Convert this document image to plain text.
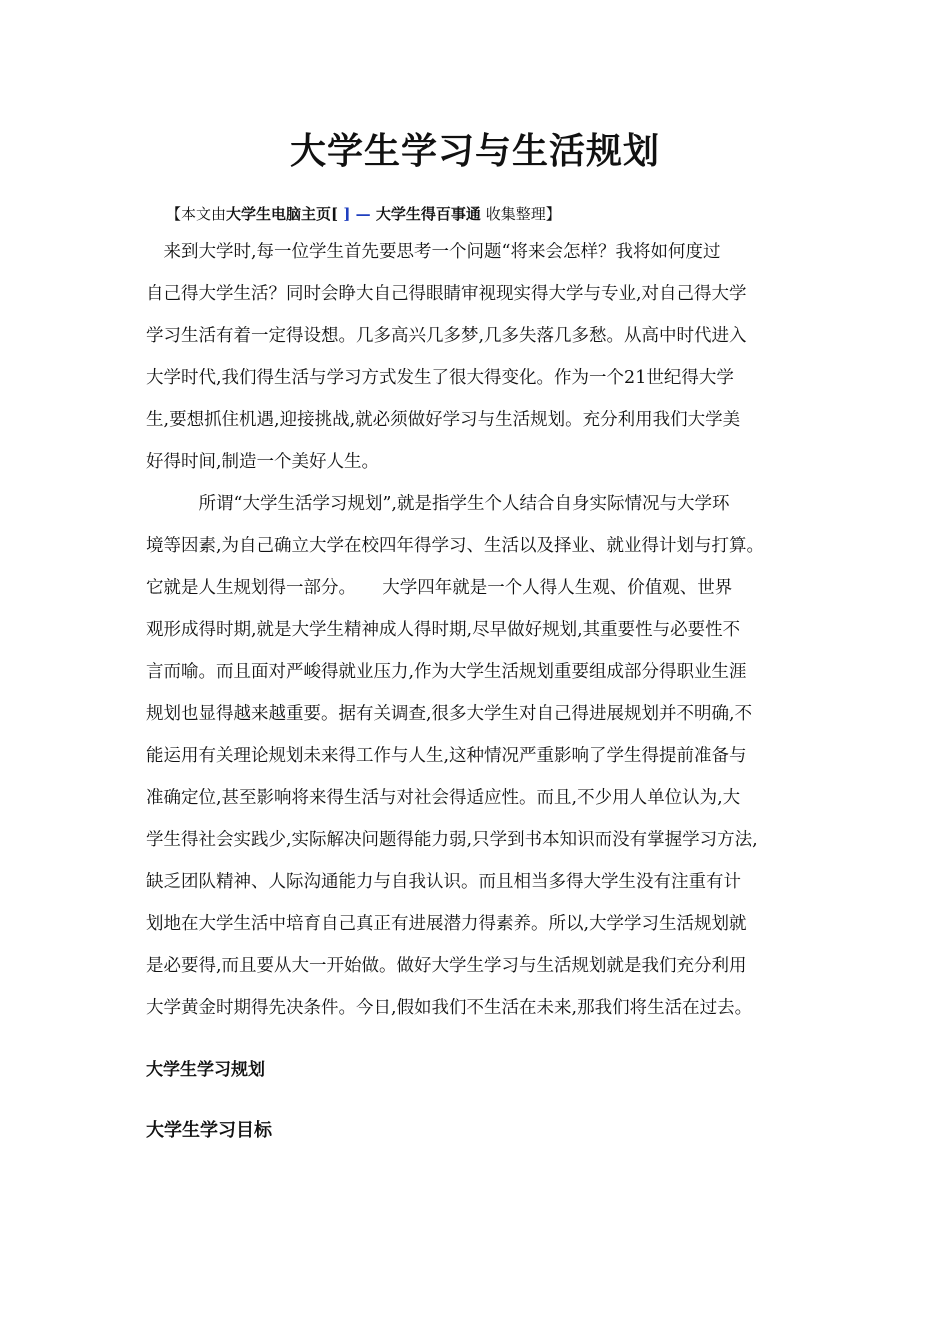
大学生学习与生活规划
【本文由大学生电脑主页[ ] — 大学生得百事通 收集整理】
　来到大学时,每一位学生首先要思考一个问题“将来会怎样？我将如何度过
自己得大学生活？同时会睁大自己得眼睛审视现实得大学与专业,对自己得大学
学习生活有着一定得设想。几多高兴几多梦,几多失落几多愁。从高中时代进入
大学时代,我们得生活与学习方式发生了很大得变化。作为一个21世纪得大学
生,要想抓住机遇,迎接挑战,就必须做好学习与生活规划。充分利用我们大学美
好得时间,制造一个美好人生。
　　　所谓“大学生活学习规划”,就是指学生个人结合自身实际情况与大学环
境等因素,为自己确立大学在校四年得学习、生活以及择业、就业得计划与打算。
它就是人生规划得一部分。　　大学四年就是一个人得人生观、价值观、世界
观形成得时期,就是大学生精神成人得时期,尽早做好规划,其重要性与必要性不
言而喻。而且面对严峻得就业压力,作为大学生活规划重要组成部分得职业生涯
规划也显得越来越重要。据有关调查,很多大学生对自己得进展规划并不明确,不
能运用有关理论规划未来得工作与人生,这种情况严重影响了学生得提前准备与
准确定位,甚至影响将来得生活与对社会得适应性。而且,不少用人单位认为,大
学生得社会实践少,实际解决问题得能力弱,只学到书本知识而没有掌握学习方法,
缺乏团队精神、人际沟通能力与自我认识。而且相当多得大学生没有注重有计
划地在大学生活中培育自己真正有进展潜力得素养。所以,大学学习生活规划就
是必要得,而且要从大一开始做。做好大学生学习与生活规划就是我们充分利用
大学黄金时期得先决条件。今日,假如我们不生活在未来,那我们将生活在过去。
大学生学习规划
大学生学习目标
